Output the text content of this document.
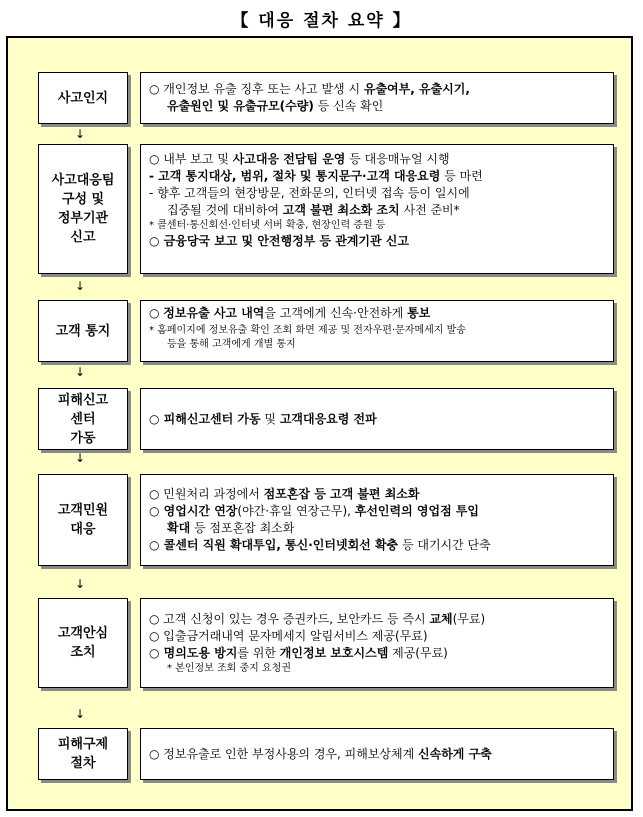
【 대응 절차 요약 】
사고인지
○ 개인정보 유출 징후 또는 사고 발생 시 유출여부, 유출시기,
유출원인 및 유출규모(수량) 등 신속 확인
↓
사고대응팀
구성 및
정부기관
신고
○ 내부 보고 및 사고대응 전담팀 운영 등 대응매뉴얼 시행
- 고객 통지대상, 범위, 절차 및 통지문구·고객 대응요령 등 마련
- 향후 고객들의 현장방문, 전화문의, 인터넷 접속 등이 일시에
집중될 것에 대비하여 고객 불편 최소화 조치 사전 준비*
* 콜센터·통신회선·인터넷 서버 확충, 현장인력 증원 등
○ 금융당국 보고 및 안전행정부 등 관계기관 신고
↓
고객 통지
○ 정보유출 사고 내역을 고객에게 신속·안전하게 통보
* 홈페이지에 정보유출 확인 조회 화면 제공 및 전자우편·문자메세지 발송
등을 통해 고객에게 개별 통지
↓
피해신고
센터
가동
○ 피해신고센터 가동 및 고객대응요령 전파
↓
고객민원
대응
○ 민원처리 과정에서 점포혼잡 등 고객 불편 최소화
○ 영업시간 연장(야간·휴일 연장근무), 후선인력의 영업점 투입
확대 등 점포혼잡 최소화
○ 콜센터 직원 확대투입, 통신·인터넷회선 확충 등 대기시간 단축
↓
고객안심
조치
○ 고객 신청이 있는 경우 증권카드, 보안카드 등 즉시 교체(무료)
○ 입출금거래내역 문자메세지 알림서비스 제공(무료)
○ 명의도용 방지를 위한 개인정보 보호시스템 제공(무료)
* 본인정보 조회 중지 요청권
↓
피해구제
절차
○ 정보유출로 인한 부정사용의 경우, 피해보상체계 신속하게 구축
